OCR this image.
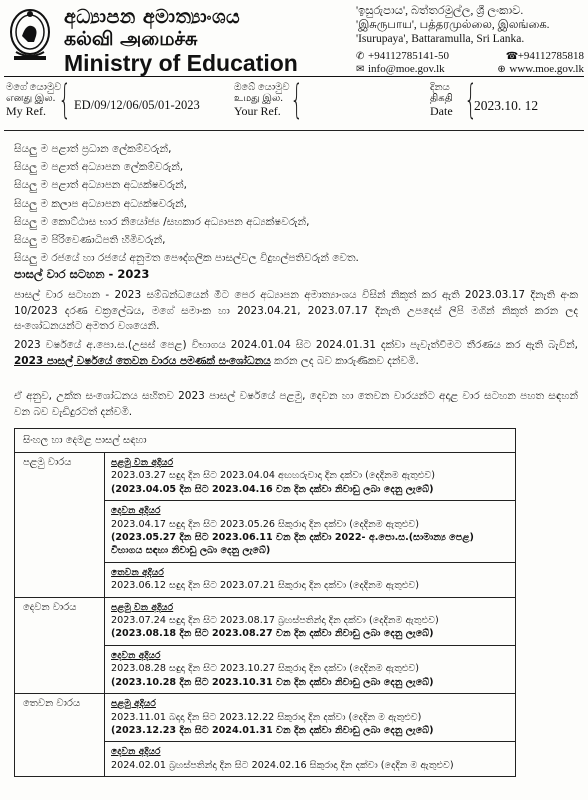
අධ්‍යාපන අමාත්‍යාංශය
கல்வி அமைச்சு
Ministry of Education
'ඉසුරුපාය', බත්තරමුල්ල, ශ්‍රී ලංකාව.
'இசுருபாய', பத்தரமுல்லை, இலங்கை.
'Isurupaya', Battaramulla, Sri Lanka.
✆ +94112785141-50	☎+94112785818
✉ info@moe.gov.lk	⊕ www.moe.gov.lk
මගේ යොමුව
எனது இல.
My Ref. { ED/09/12/06/05/01-2023
ඔබේ යොමුව
உமது இல.
Your Ref. {	දිනය
திகதி
Date {
2023.10. 12
සියලු ම පළාත් ප්‍රධාන ලේකම්වරුන්,
සියලු ම පළාත් අධ්‍යාපන ලේකම්වරුන්,
සියලු ම පළාත් අධ්‍යාපන අධ්‍යක්ෂවරුන්,
සියලු ම කලාප අධ්‍යාපන අධ්‍යක්ෂවරුන්,
සියලු ම කොට්ඨාස භාර නියෝජ්‍ය /සහකාර අධ්‍යාපන අධ්‍යක්ෂවරුන්,
සියලු ම පිරිවෙණාධිපති හිමිවරුන්,
සියලු ම රජයේ හා රජයේ අනුමත පෞද්ගලික පාසල්වල විදුහල්පතිවරුන් වෙත.
පාසල් වාර සටහන - 2023
පාසල් වාර සටහන - 2023 සම්බන්ධයෙන් මීට පෙර අධ්‍යාපන අමාත්‍යාංශය විසින් නිකුත් කර ඇති 2023.03.17 දිනැති අංක 10/2023 දරණ චක්‍රලේඛය, මගේ සමාංක හා 2023.04.21, 2023.07.17 දිනැති උපදෙස් ලිපි මගින් නිකුත් කරන ලද සංශෝධනයන්ට අමතර වශයෙනි.
2023 වර්ෂයේ අ.පො.ස.(උසස් පෙළ) විභාගය 2024.01.04 සිට 2024.01.31 දක්වා පැවැත්වීමට තීරණය කර ඇති බැවින්, 2023 පාසල් වර්ෂයේ තෙවන වාරය පමණක් සංශෝධනය කරන ලද බව කාරුණිකව දන්වමි.
ඒ අනුව, උක්ත සංශෝධනය සහිතව 2023 පාසල් වර්ෂයේ පළමු, දෙවන හා තෙවන වාරයන්ට අදාළ වාර සටහන පහත සඳහන් වන බව වැඩිදුරටත් දන්වමි.
සිංහල හා දෙමළ පාසල් සඳහා
පළමු වාරය	පළමු වන අදියර
2023.03.27 සඳුදා දින සිට 2023.04.04 අඟහරුවාදා දින දක්වා (දෙදිනම ඇතුළුව)
(2023.04.05 දින සිට 2023.04.16 වන දින දක්වා නිවාඩු ලබා දෙනු ලැබේ)
දෙවන අදියර
2023.04.17 සඳුදා දින සිට 2023.05.26 සිකුරාදා දින දක්වා (දෙදිනම ඇතුළුව)
(2023.05.27 දින සිට 2023.06.11 වන දින දක්වා 2022- අ.පො.ස.(සාමාන්‍ය පෙළ)
විභාගය සඳහා නිවාඩු ලබා දෙනු ලැබේ)
තෙවන අදියර
2023.06.12 සඳුදා දින සිට 2023.07.21 සිකුරාදා දින දක්වා (දෙදිනම ඇතුළුව)
දෙවන වාරය	පළමු වන අදියර
2023.07.24 සඳුදා දින සිට 2023.08.17 බ්‍රහස්පතින්දා දින දක්වා (දෙදිනම ඇතුළුව)
(2023.08.18 දින සිට 2023.08.27 වන දින දක්වා නිවාඩු ලබා දෙනු ලැබේ)
දෙවන අදියර
2023.08.28 සඳුදා දින සිට 2023.10.27 සිකුරාදා දින දක්වා (දෙදිනම ඇතුළුව)
(2023.10.28 දින සිට 2023.10.31 වන දින දක්වා නිවාඩු ලබා දෙනු ලැබේ)
තෙවන වාරය	පළමු අදියර
2023.11.01 බදාදා දින සිට 2023.12.22 සිකුරාදා දින දක්වා (දෙදින ම ඇතුළුව)
(2023.12.23 දින සිට 2024.01.31 වන දින දක්වා නිවාඩු ලබා දෙනු ලැබේ)
දෙවන අදියර
2024.02.01 බ්‍රහස්පතින්දා දින සිට 2024.02.16 සිකුරාදා දින දක්වා (දෙදින ම ඇතුළුව)
